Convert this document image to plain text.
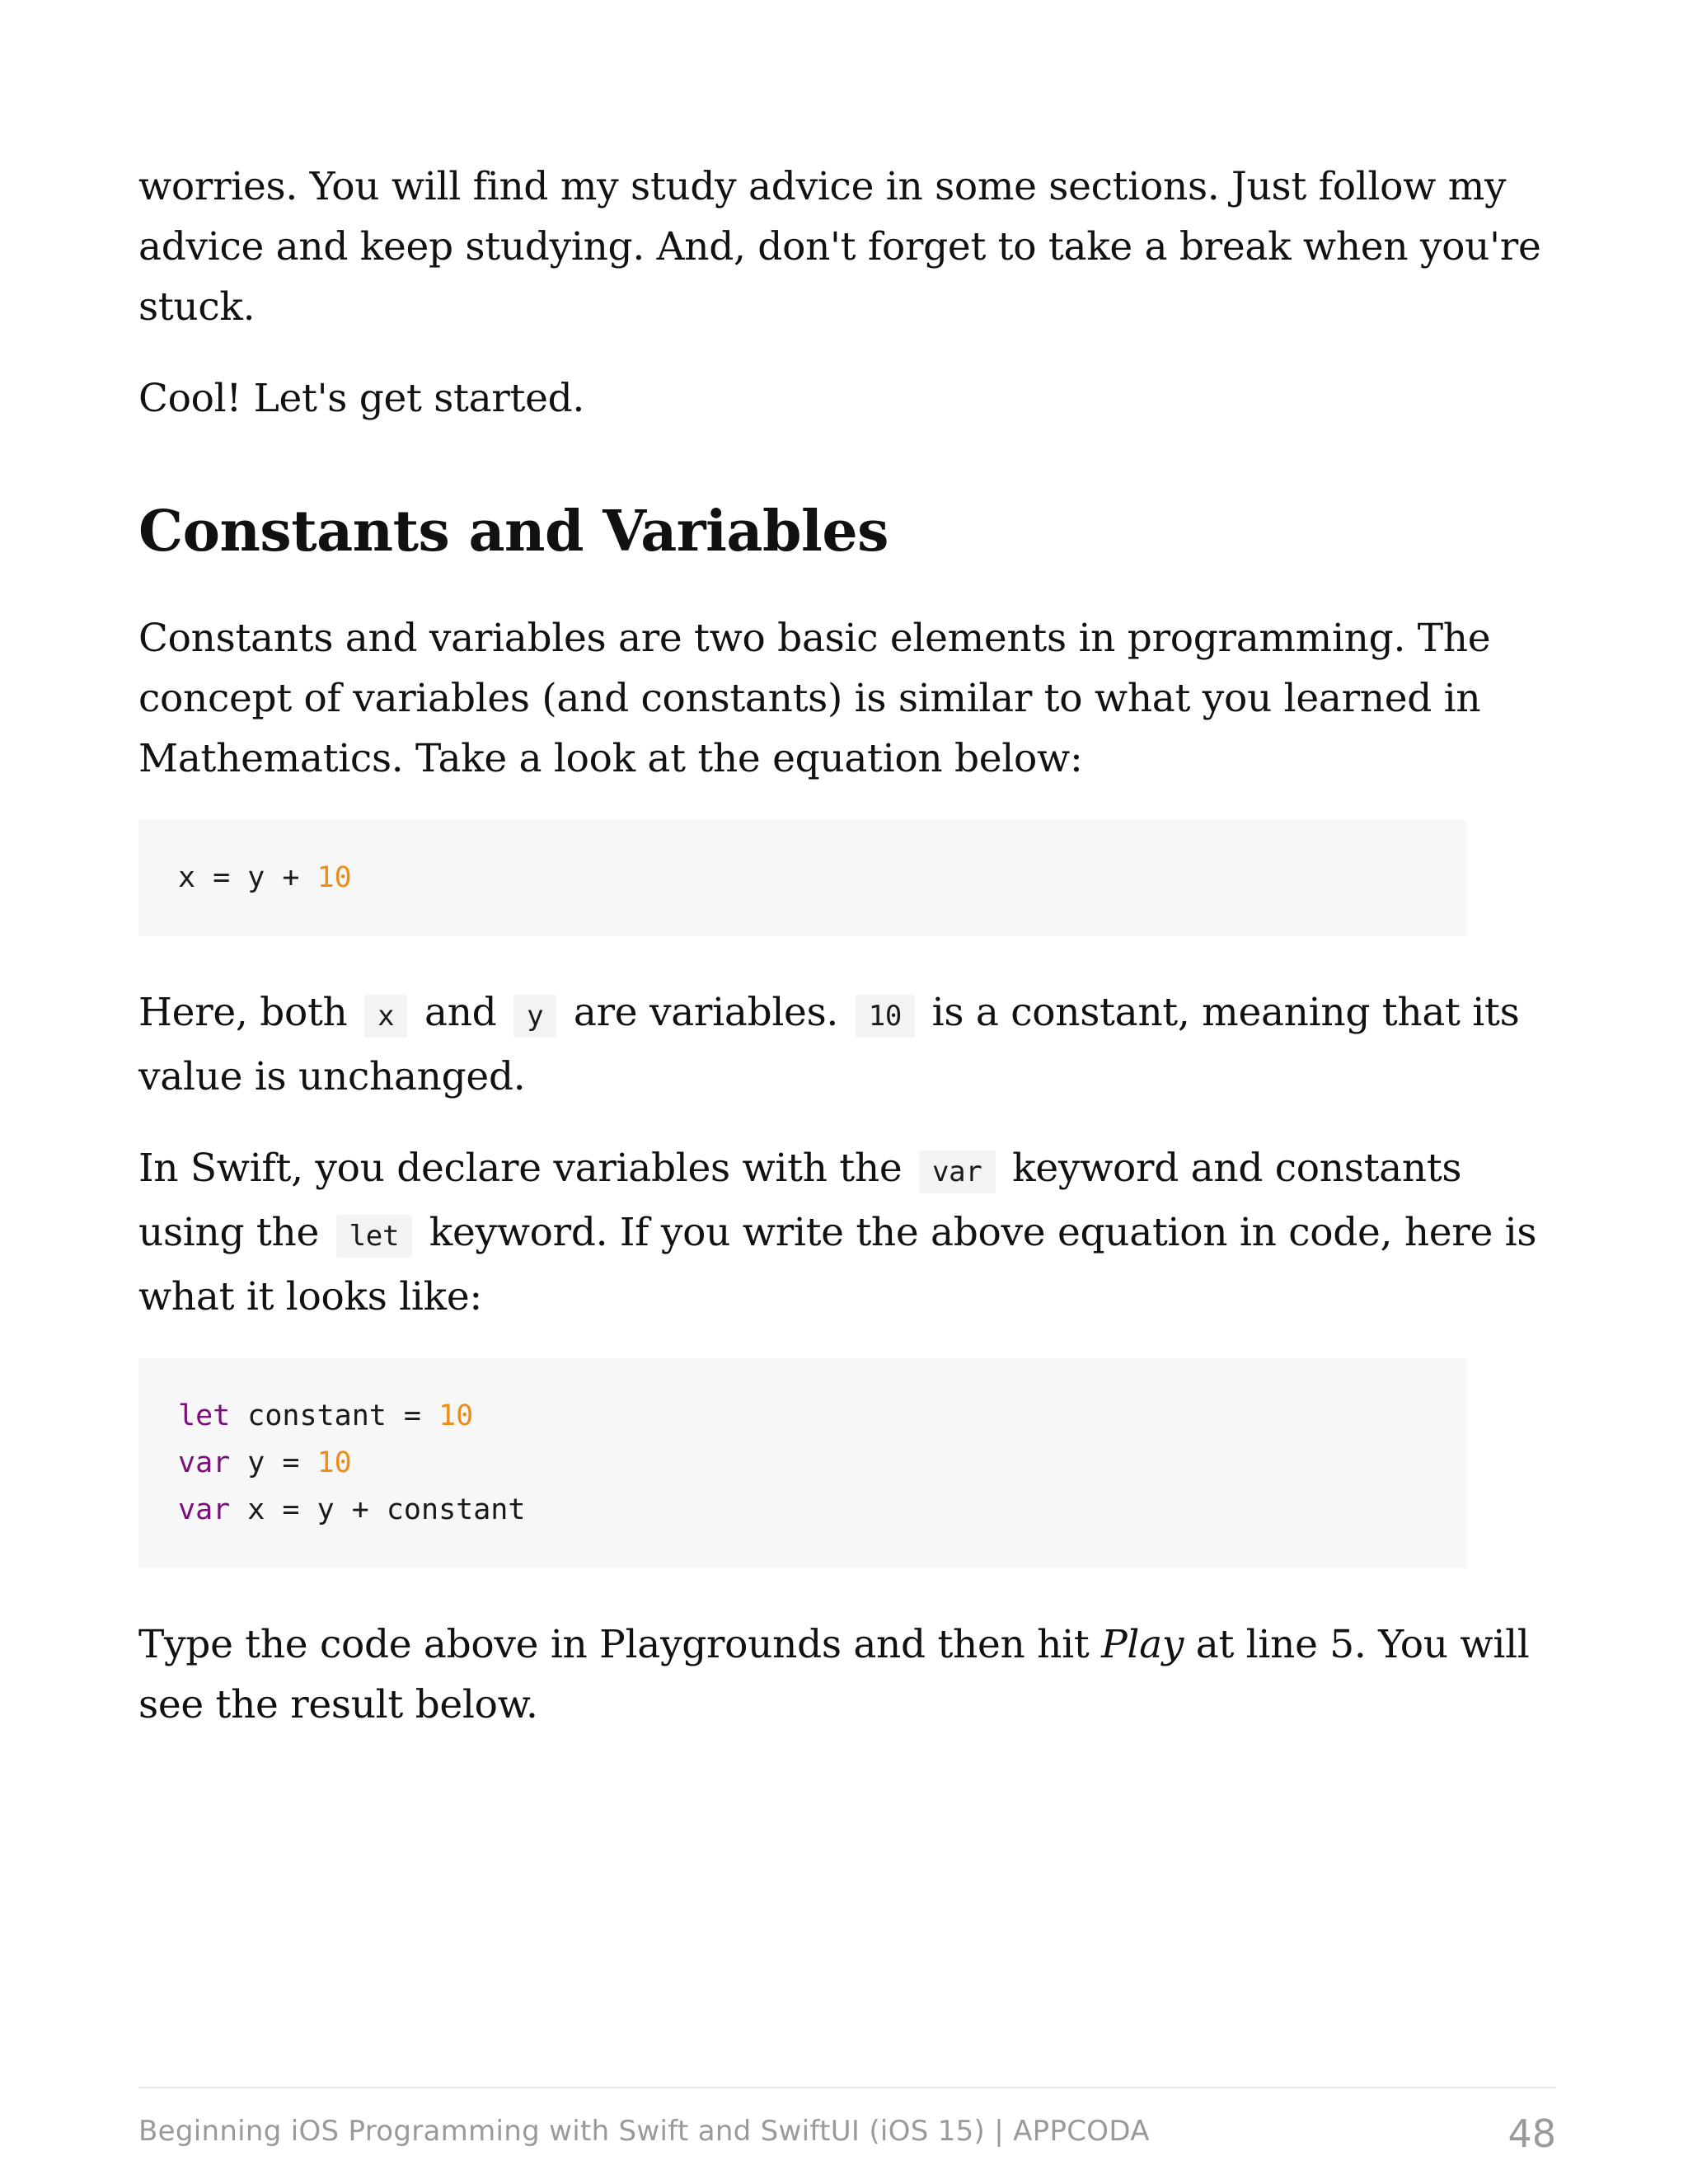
worries. You will find my study advice in some sections. Just follow my advice and keep studying. And, don't forget to take a break when you're stuck.

Cool! Let's get started.

Constants and Variables

Constants and variables are two basic elements in programming. The concept of variables (and constants) is similar to what you learned in Mathematics. Take a look at the equation below:

x = y + 10

Here, both x and y are variables. 10 is a constant, meaning that its value is unchanged.

In Swift, you declare variables with the var keyword and constants using the let keyword. If you write the above equation in code, here is what it looks like:

let constant = 10
var y = 10
var x = y + constant

Type the code above in Playgrounds and then hit Play at line 5. You will see the result below.

Beginning iOS Programming with Swift and SwiftUI (iOS 15) | APPCODA	48
